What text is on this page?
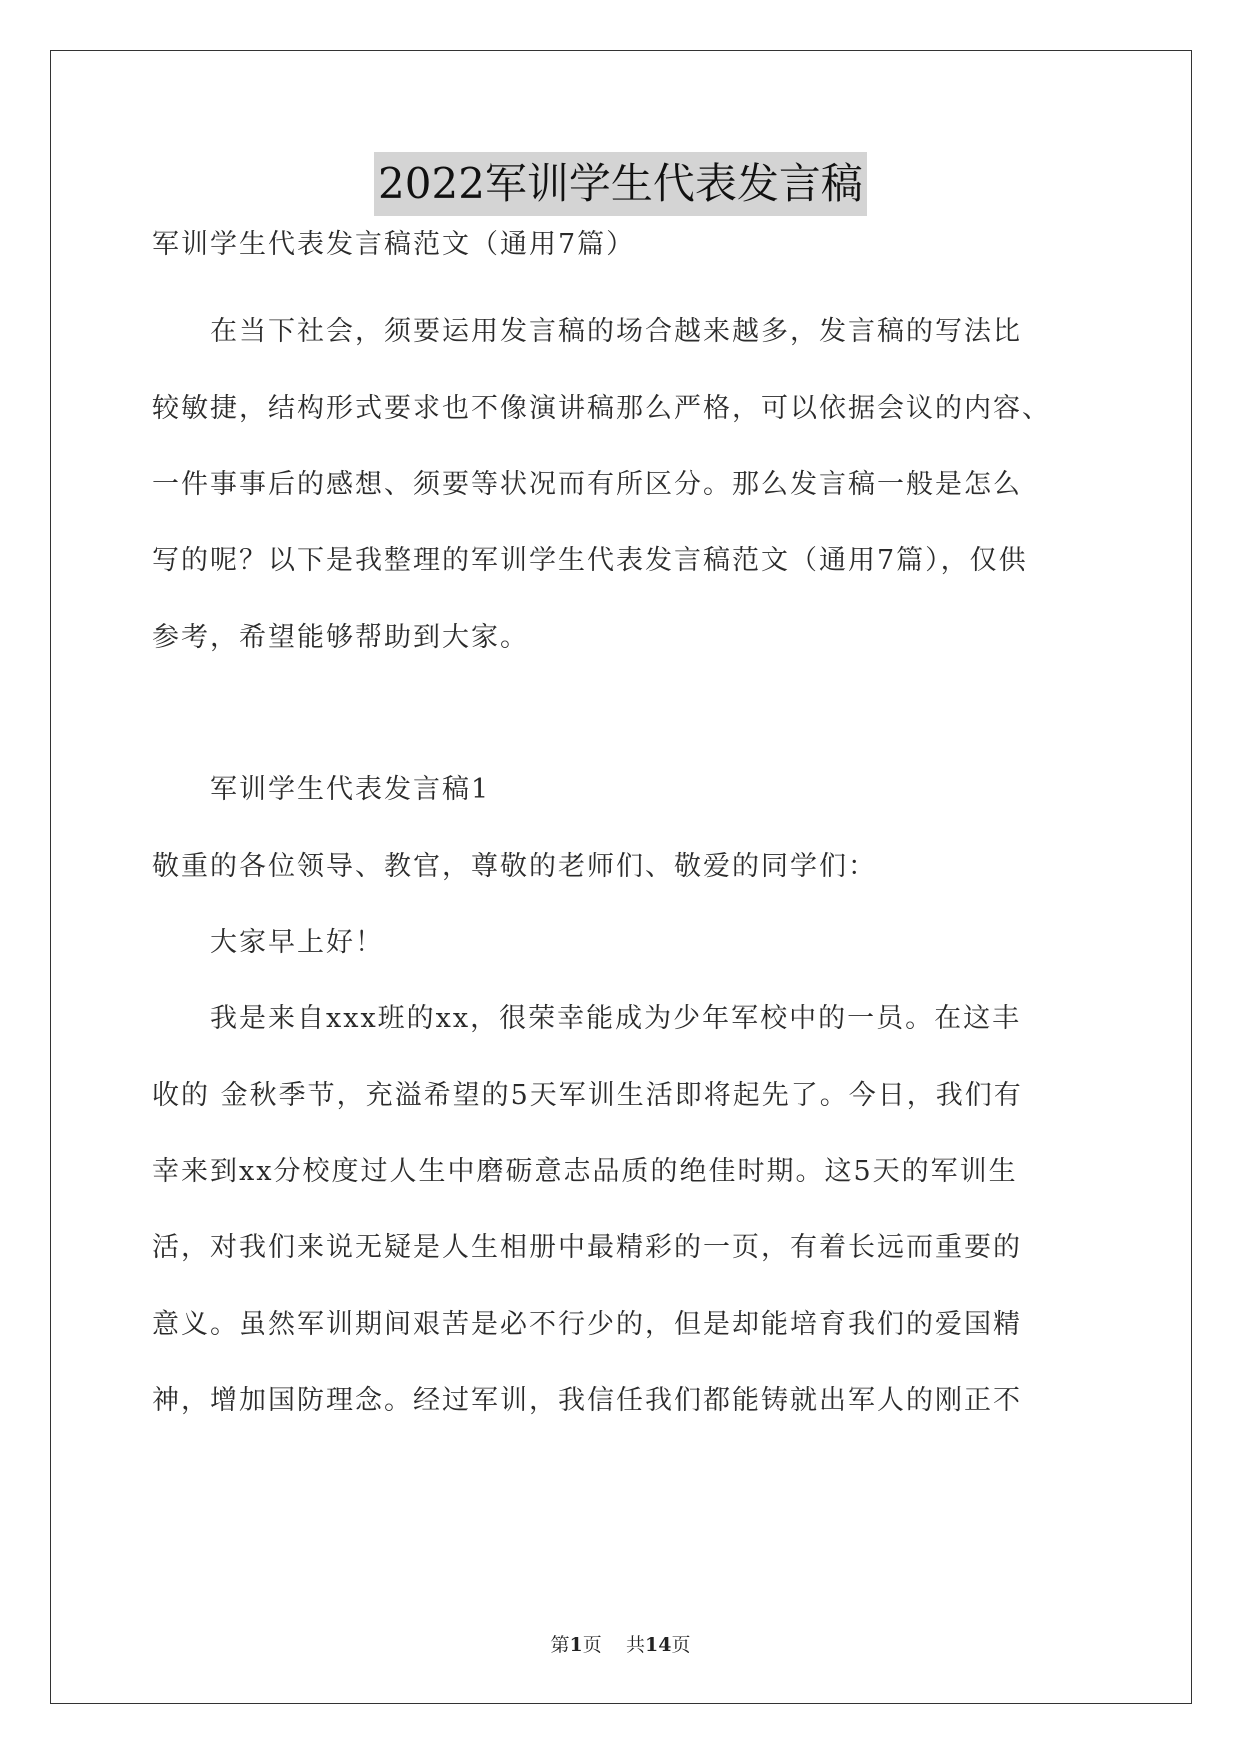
2022军训学生代表发言稿
军训学生代表发言稿范文（通用7篇）
　　在当下社会，须要运用发言稿的场合越来越多，发言稿的写法比
较敏捷，结构形式要求也不像演讲稿那么严格，可以依据会议的内容、
一件事事后的感想、须要等状况而有所区分。那么发言稿一般是怎么
写的呢？以下是我整理的军训学生代表发言稿范文（通用7篇），仅供
参考，希望能够帮助到大家。
　　军训学生代表发言稿1
敬重的各位领导、教官，尊敬的老师们、敬爱的同学们：
　　大家早上好！
　　我是来自xxx班的xx，很荣幸能成为少年军校中的一员。在这丰
收的 金秋季节，充溢希望的5天军训生活即将起先了。今日，我们有
幸来到xx分校度过人生中磨砺意志品质的绝佳时期。这5天的军训生
活，对我们来说无疑是人生相册中最精彩的一页，有着长远而重要的
意义。虽然军训期间艰苦是必不行少的，但是却能培育我们的爱国精
神，增加国防理念。经过军训，我信任我们都能铸就出军人的刚正不
第1页 共14页
